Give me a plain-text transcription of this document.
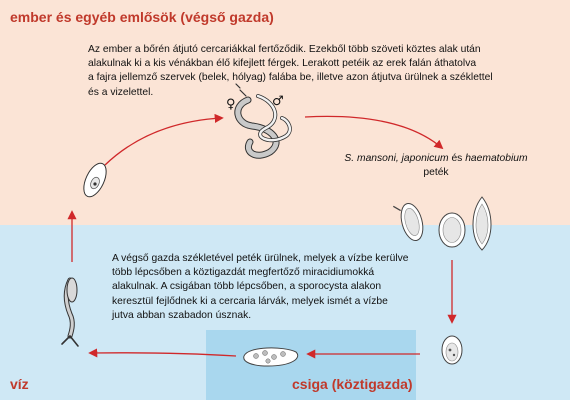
ember és egyéb emlősök (végső gazda)
víz	csiga (köztigazda)
Az ember a bőrén átjutó cercariákkal fertőződik. Ezekből több szöveti köztes alak után
alakulnak ki a kis vénákban élő kifejlett férgek. Lerakott petéik az erek falán áthatolva
a fajra jellemző szervek (belek, hólyag) falába be, illetve azon átjutva ürülnek a széklettel
és a vizelettel.
A végső gazda székletével peték ürülnek, melyek a vízbe kerülve
több lépcsőben a köztigazdát megfertőző miracidiumokká
alakulnak. A csigában több lépcsőben, a sporocysta alakon
keresztül fejlődnek ki a cercaria lárvák, melyek ismét a vízbe
jutva abban szabadon úsznak.
S. mansoni, japonicum és haematobium
peték
♀	♂
